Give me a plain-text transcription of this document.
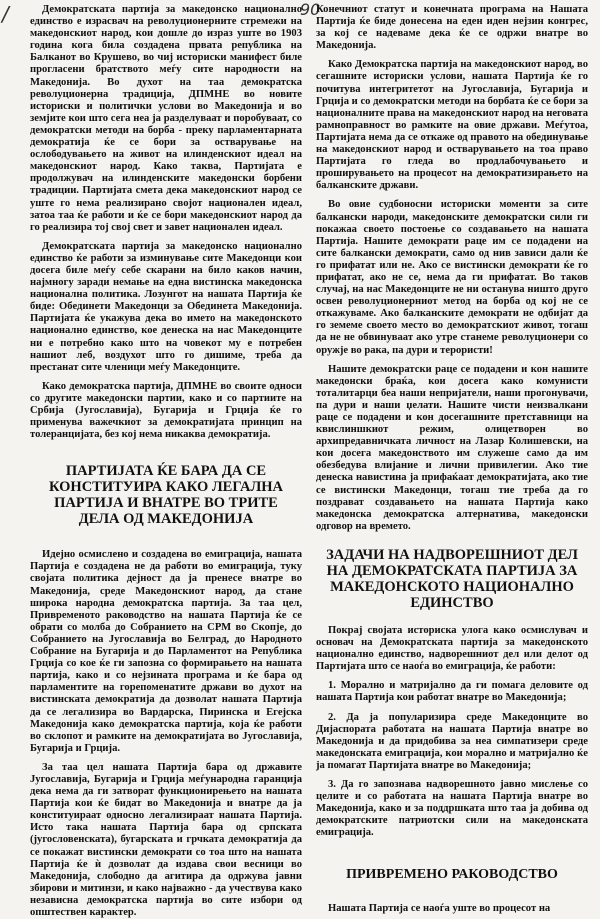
/	90

Демократската партија за македонско национално единство е израсвач на револуционерните стремежи на македонскиот народ, кои дошле до израз уште во 1903 година кога била создадена првата република на Балканот во Крушево, во чиј историски манифест биле прогласени братството меѓу сите народности на Македонија. Во духот на таа демократска револуционерна традиција, ДПМНЕ во новите историски и политички услови во Македонија и во земјите кои што сега неа ја разделуваат и поробуваат, со демократски методи на борба - преку парламентарната демократија ќе се бори за остварување на ослободувањето на живот на илинденскиот идеал на македонскиот народ. Како таква, Партијата е продолжувач на илинденските македонски борбени традиции. Партијата смета дека македонскиот народ се уште го нема реализирано својот национален идеал, затоа таа ќе работи и ќе се бори македонскиот народ да го реализира тој свој свет и завет национален идеал.

Демократската партија за македонско национално единство ќе работи за изминување сите Македонци кои досега биле меѓу себе скарани на било каков начин, најмногу заради немање на една вистинска македонска национална политика. Лозунгот на нашата Партија ќе биде: Обединети Македонци за Обединета Македонија. Партијата ќе укажува дека во името на македонското национално единство, кое денеска на нас Македонците ни е потребно како што на човекот му е потребен нашиот леб, воздухот што го дишиме, треба да престанат сите членици меѓу Македонците.

Како демократска партија, ДПМНЕ во своите односи со другите македонски партии, како и со партиите на Србија (Југославија), Бугарија и Грција ќе го применува важечкиот за демократијата принцип на толеранцијата, без кој нема никаква демократија.

ПАРТИЈАТА ЌЕ БАРА ДА СЕ КОНСТИТУИРА КАКО ЛЕГАЛНА ПАРТИЈА И ВНАТРЕ ВО ТРИТЕ ДЕЛА ОД МАКЕДОНИЈА

Идејно осмислено и создадена во емиграција, нашата Партија е создадена не да работи во емиграција, туку својата политика дејност да ја пренесе внатре во Македонија, среде Македонскиот народ, да стане широка народна демократска партија. За таа цел, Привременото раководство на нашата Партија ќе се обрати со молба до Собранието на СРМ во Скопје, до Собранието на Југославија во Белград, до Народното Собрание на Бугарија и до Парламентот на Република Грција со кое ќе ги запозна со формирањето на нашата партија, како и со нејзината програма и ќе бара од парламентите на горепоменатите држави во духот на вистинската демократија да дозволат нашата Партија да се легализира во Вардарска, Пиринска и Егејска Македонија како демократска партија, која ќе работи во склопот и рамките на демократијата во Југославија, Бугарија и Грција.

За таа цел нашата Партија бара од државите Југославија, Бугарија и Грција меѓународна гаранција дека нема да ги затворат функционирењето на нашата Партија кои ќе бидат во Македонија и внатре да ја конституираат односно легализираат нашата Партија. Исто така нашата Партија бара од српската (југословенската), бугарската и грчката демократија да се покажат вистински демократи со тоа што на нашата Партија ќе ѝ дозволат да издава свои весници во Македонија, слободно да агитира да одржува јавни збирови и митинзи, и како најважно - да учествува како независна демократска партија во сите избори од општествен карактер.

Конечниот статут и конечната програма на Нашата Партија ќе биде донесена на еден иден нејзин конгрес, за кој се надеваме дека ќе се одржи внатре во Македонија.

Како Демократска партија на македонскиот народ, во сегашните историски услови, нашата Партија ќе го почитува интегритетот на Југославија, Бугарија и Грција и со демократски методи на борбата ќе се бори за националните права на македонскиот народ на неговата рамноправност во рамките на овие држави. Меѓутоа, Партијата нема да се откаже од правото на обединување на македонскиот народ и остварувањето на тоа право Партијата го гледа во продлабочувањето и проширувањето на процесот на демократизирањето на балканските држави.

Во овие судбоносни историски моменти за сите балкански народи, македонските демократски сили ги покажаа своето постоење со создавањето на нашата Партија. Нашите демократи раце им се подадени на сите балкански демократи, само од нив зависи дали ќе го прифатат или не. Ако се вистински демократи ќе го прифатат, ако не се, нема да ги прифатат. Во таков случај, на нас Македонците не ни останува ништо друго освен револуционерниот метод на борба од кој не се откажуваме. Ако балканските демократи не одбијат да го земеме своето место во демократскиот живот, тогаш да не не обвинуваат ако утре станеме револуционери со оружје во рака, па дури и терористи!

Нашите демократски раце се подадени и кон нашите македонски браќа, кои досега како комунисти тоталитарци беа наши непријатели, наши прогонувачи, па дури и наши џелати. Нашите чисти неизвалкани раце се подадени и кон досегашните претставници на квислиншкиот режим, олицетворен во архипредавничката личност на Лазар Колишевски, на кои досега македонството им служеше само да им обезбедува влијание и лични привилегии. Ако тие денеска навистина ја прифаќаат демократијата, ако тие се вистински Македонци, тогаш тие треба да го поздрават создавањето на нашата Партија како македонска демократска алтернатива, македонски одговор на времето.

ЗАДАЧИ НА НАДВОРЕШНИОТ ДЕЛ НА ДЕМОКРАТСКАТА ПАРТИЈА ЗА МАКЕДОНСКОТО НАЦИОНАЛНО ЕДИНСТВО

Покрај својата историска улога како осмислувач и основач на Демократската партија за македонското национално единство, надворешниот дел или делот од Партијата што се наоѓа во емиграција, ќе работи:

1. Морално и матријално да ги помага деловите од нашата Партија кои работат внатре во Македонија;

2. Да ја популаризира среде Македонците во Дијаспората работата на нашата Партија внатре во Македонија и да придобива за неа симпатизери среде македонската емиграција, кои морално и матријално ќе ја помагат Партијата внатре во Македонија;

3. Да го запознава надворешното јавно мислење со целите и со работата на нашата Партија внатре во Македонија, како и за поддршката што таа ја добива од демократските патриотски сили на македонската емиграција.

ПРИВРЕМЕНО РАКОВОДСТВО

Нашата Партија се наоѓа уште во процесот на
